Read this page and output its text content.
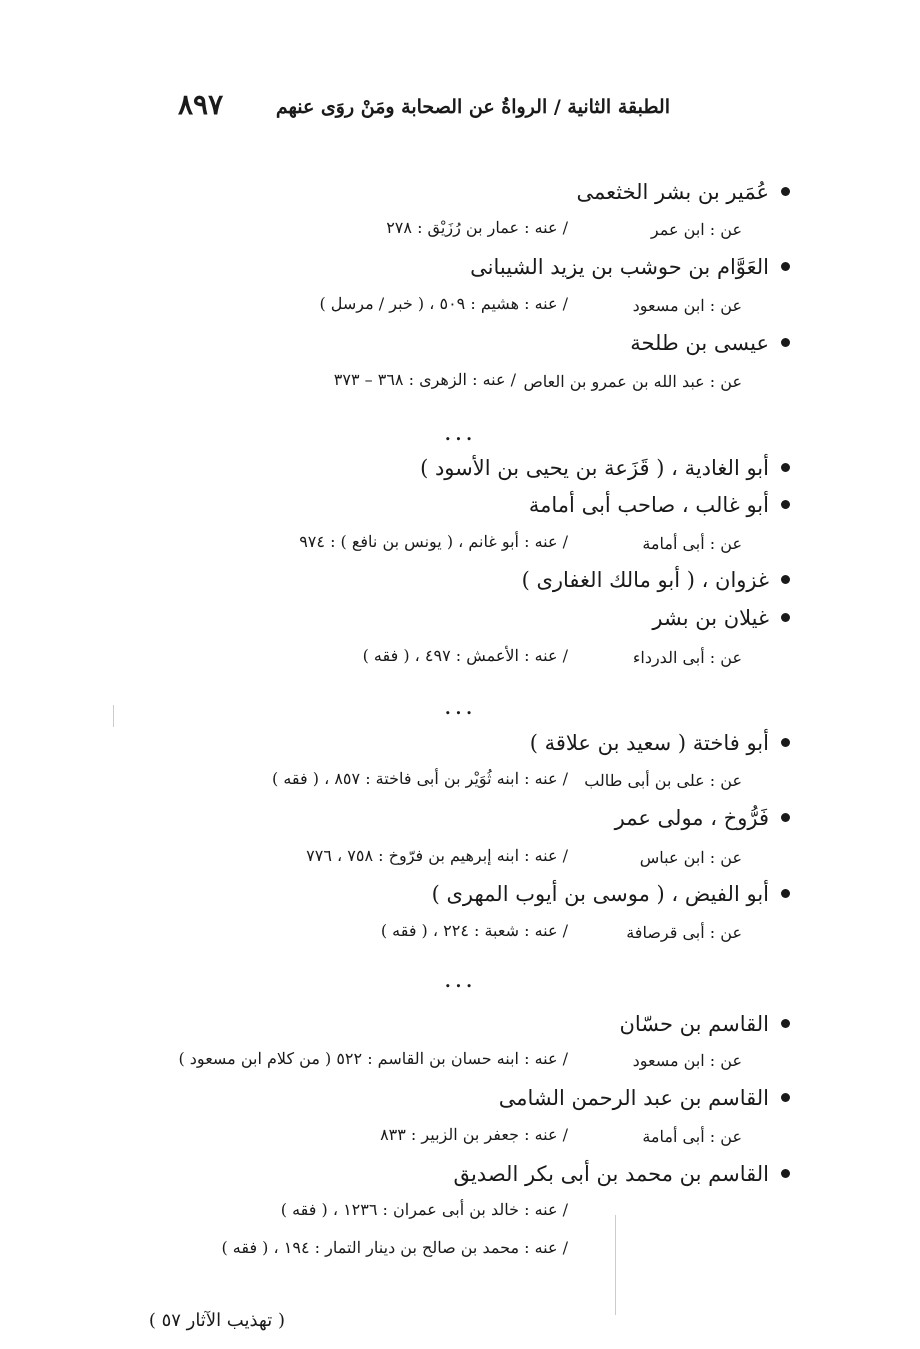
الطبقة الثانية / الرواةُ عن الصحابة ومَنْ روَى عنهم
٨٩٧
عُمَير بن بشر الخثعمى
عن : ابن عمر
/ عنه : عمار بن رُزَيْق : ٢٧٨
العَوَّام بن حوشب بن يزيد الشيبانى
عن : ابن مسعود
/ عنه : هشيم : ٥٠٩ ، ( خبر / مرسل )
عيسى بن طلحة
عن : عبد الله بن عمرو بن العاص
/ عنه : الزهرى : ٣٦٨ – ٣٧٣
...
أبو الغادية ، ( قَزَعة بن يحيى بن الأسود )
أبو غالب ، صاحب أبى أمامة
عن : أبى أمامة
/ عنه : أبو غانم ، ( يونس بن نافع ) : ٩٧٤
غزوان ، ( أبو مالك الغفارى )
غيلان بن بشر
عن : أبى الدرداء
/ عنه : الأعمش : ٤٩٧ ، ( فقه )
...
أبو فاختة ( سعيد بن علاقة )
عن : على بن أبى طالب
/ عنه : ابنه ثُوَيْر بن أبى فاختة : ٨٥٧ ، ( فقه )
فَرُّوخ ، مولى عمر
عن : ابن عباس
/ عنه : ابنه إبرهيم بن فرّوخ : ٧٥٨ ، ٧٧٦
أبو الفيض ، ( موسى بن أيوب المهرى )
عن : أبى قرصافة
/ عنه : شعبة : ٢٢٤ ، ( فقه )
...
القاسم بن حسّان
عن : ابن مسعود
/ عنه : ابنه حسان بن القاسم : ٥٢٢ ( من كلام ابن مسعود )
القاسم بن عبد الرحمن الشامى
عن : أبى أمامة
/ عنه : جعفر بن الزبير : ٨٣٣
القاسم بن محمد بن أبى بكر الصديق
/ عنه : خالد بن أبى عمران : ١٢٣٦ ، ( فقه )
/ عنه : محمد بن صالح بن دينار التمار : ١٩٤ ، ( فقه )
( تهذيب الآثار ٥٧ )
